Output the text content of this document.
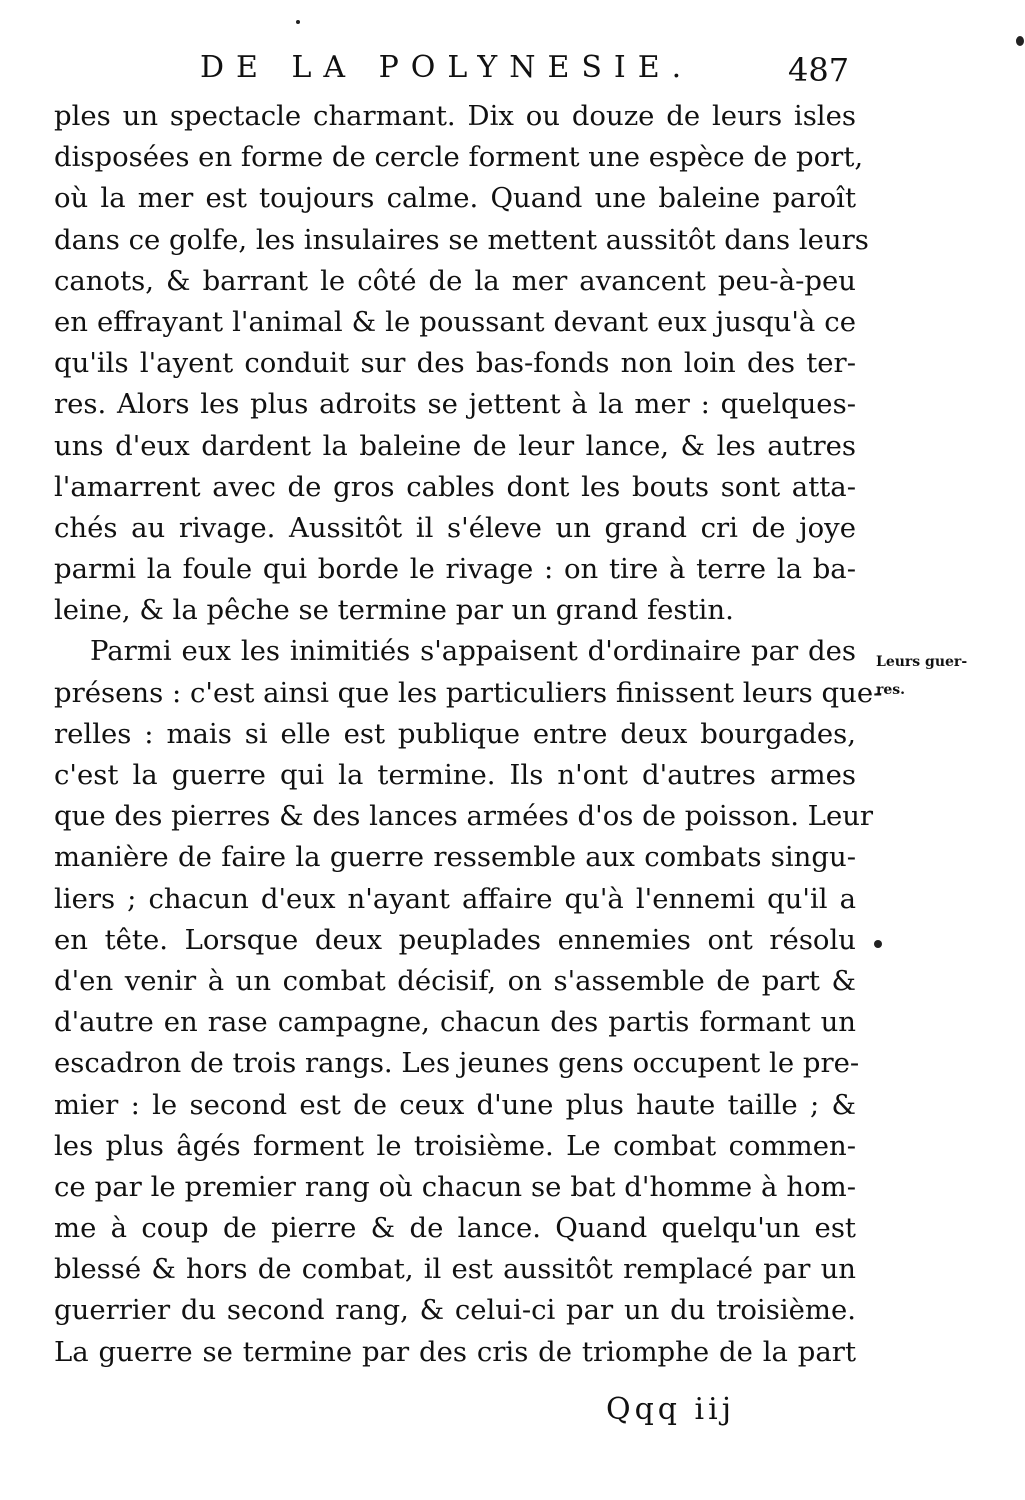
DE LA POLYNESIE.	487
ples un spectacle charmant. Dix ou douze de leurs isles
disposées en forme de cercle forment une espèce de port,
où la mer est toujours calme. Quand une baleine paroît
dans ce golfe, les insulaires se mettent aussitôt dans leurs
canots, & barrant le côté de la mer avancent peu-à-peu
en effrayant l'animal & le poussant devant eux jusqu'à ce
qu'ils l'ayent conduit sur des bas-fonds non loin des ter-
res. Alors les plus adroits se jettent à la mer : quelques-
uns d'eux dardent la baleine de leur lance, & les autres
l'amarrent avec de gros cables dont les bouts sont atta-
chés au rivage. Aussitôt il s'éleve un grand cri de joye
parmi la foule qui borde le rivage : on tire à terre la ba-
leine, & la pêche se termine par un grand festin.
Parmi eux les inimitiés s'appaisent d'ordinaire par des
présens : c'est ainsi que les particuliers finissent leurs que-
relles : mais si elle est publique entre deux bourgades,
c'est la guerre qui la termine. Ils n'ont d'autres armes
que des pierres & des lances armées d'os de poisson. Leur
manière de faire la guerre ressemble aux combats singu-
liers ; chacun d'eux n'ayant affaire qu'à l'ennemi qu'il a
en tête. Lorsque deux peuplades ennemies ont résolu
d'en venir à un combat décisif, on s'assemble de part &
d'autre en rase campagne, chacun des partis formant un
escadron de trois rangs. Les jeunes gens occupent le pre-
mier : le second est de ceux d'une plus haute taille ; &
les plus âgés forment le troisième. Le combat commen-
ce par le premier rang où chacun se bat d'homme à hom-
me à coup de pierre & de lance. Quand quelqu'un est
blessé & hors de combat, il est aussitôt remplacé par un
guerrier du second rang, & celui-ci par un du troisième.
La guerre se termine par des cris de triomphe de la part
Leurs guer-
res.
Qqq iij
